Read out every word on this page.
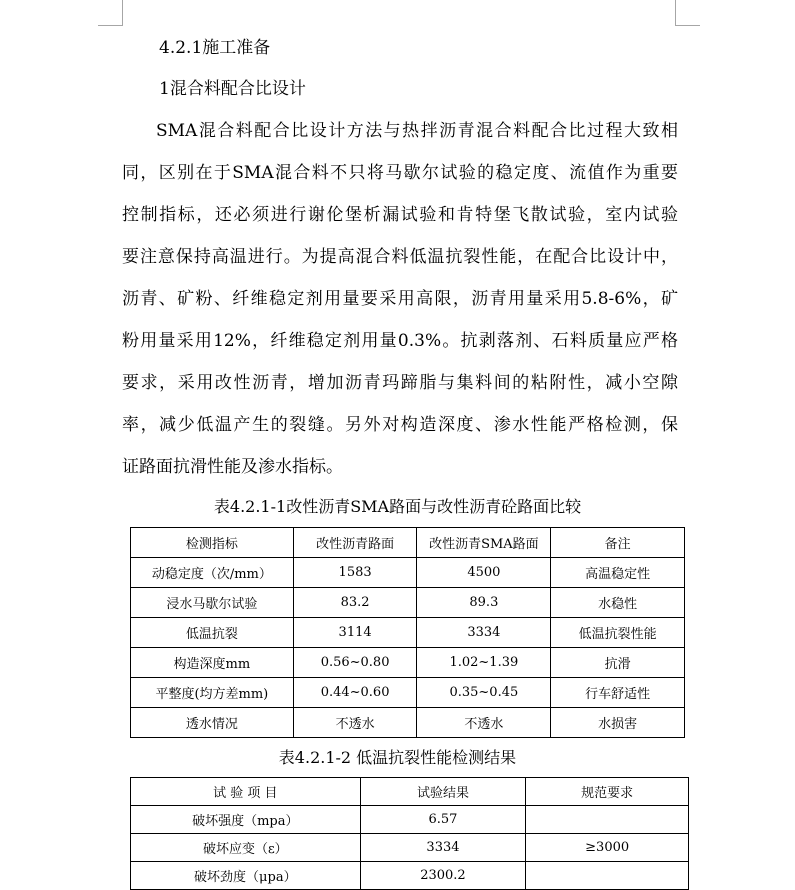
4.2.1施工准备
1混合料配合比设计
SMA混合料配合比设计方法与热拌沥青混合料配合比过程大致相
同，区别在于SMA混合料不只将马歇尔试验的稳定度、流值作为重要
控制指标，还必须进行谢伦堡析漏试验和肯特堡飞散试验，室内试验
要注意保持高温进行。为提高混合料低温抗裂性能，在配合比设计中，
沥青、矿粉、纤维稳定剂用量要采用高限，沥青用量采用5.8-6%，矿
粉用量采用12%，纤维稳定剂用量0.3%。抗剥落剂、石料质量应严格
要求，采用改性沥青，增加沥青玛蹄脂与集料间的粘附性，减小空隙
率，减少低温产生的裂缝。另外对构造深度、渗水性能严格检测，保
证路面抗滑性能及渗水指标。
表4.2.1-1改性沥青SMA路面与改性沥青砼路面比较
检测指标	改性沥青路面	改性沥青SMA路面	备注
动稳定度（次/mm）	1583	4500	高温稳定性
浸水马歇尔试验	83.2	89.3	水稳性
低温抗裂	3114	3334	低温抗裂性能
构造深度mm	0.56~0.80	1.02~1.39	抗滑
平整度(均方差mm)	0.44~0.60	0.35~0.45	行车舒适性
透水情况	不透水	不透水	水损害
表4.2.1-2 低温抗裂性能检测结果
试 验 项 目	试验结果	规范要求
破坏强度（mpa）	6.57	
破坏应变（ε）	3334	≥3000
破坏劲度（μpa）	2300.2	
